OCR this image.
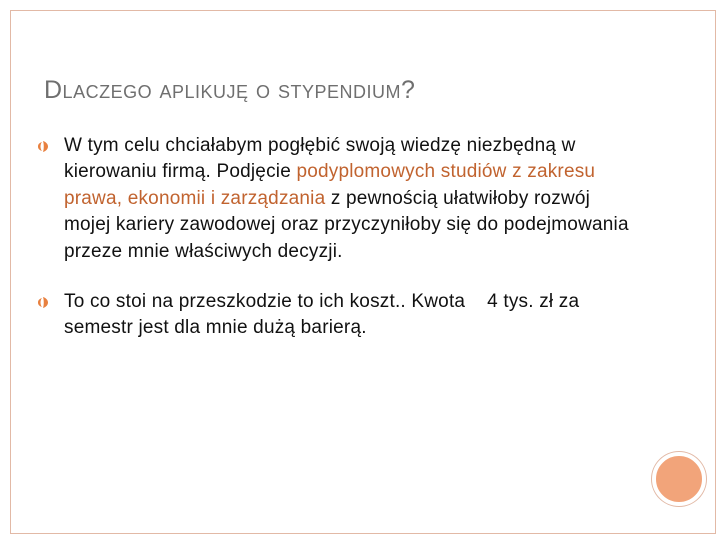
Dlaczego aplikuję o stypendium?
W tym celu chciałabym pogłębić swoją wiedzę niezbędną w kierowaniu firmą. Podjęcie podyplomowych studiów z zakresu prawa, ekonomii i zarządzania z pewnością ułatwiłoby rozwój mojej kariery zawodowej oraz przyczyniłoby się do podejmowania przeze mnie właściwych decyzji.
To co stoi na przeszkodzie to ich koszt.. Kwota    4 tys. zł za semestr jest dla mnie dużą barierą.
